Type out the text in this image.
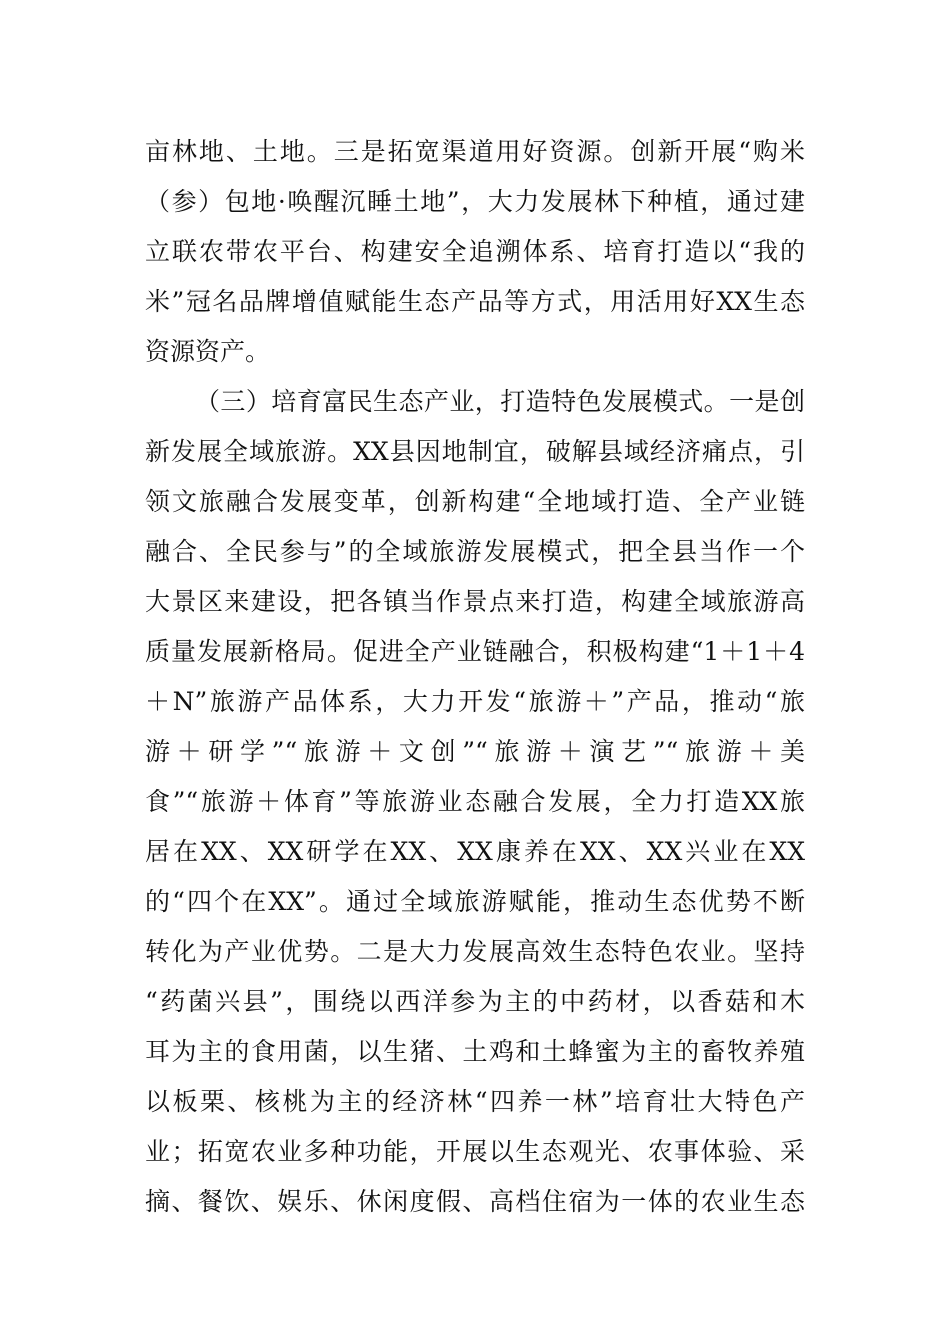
亩林地、土地。三是拓宽渠道用好资源。创新开展“购米
（参）包地·唤醒沉睡土地”，大力发展林下种植，通过建
立联农带农平台、构建安全追溯体系、培育打造以“我的
米”冠名品牌增值赋能生态产品等方式，用活用好XX生态
资源资产。
（三）培育富民生态产业，打造特色发展模式。一是创
新发展全域旅游。XX县因地制宜，破解县域经济痛点，引
领文旅融合发展变革，创新构建“全地域打造、全产业链
融合、全民参与”的全域旅游发展模式，把全县当作一个
大景区来建设，把各镇当作景点来打造，构建全域旅游高
质量发展新格局。促进全产业链融合，积极构建“1＋1＋4
＋N”旅游产品体系，大力开发“旅游＋”产品，推动“旅
游＋研学”“旅游＋文创”“旅游＋演艺”“旅游＋美
食”“旅游＋体育”等旅游业态融合发展，全力打造XX旅
居在XX、XX研学在XX、XX康养在XX、XX兴业在XX
的“四个在XX”。通过全域旅游赋能，推动生态优势不断
转化为产业优势。二是大力发展高效生态特色农业。坚持
“药菌兴县”，围绕以西洋参为主的中药材，以香菇和木
耳为主的食用菌，以生猪、土鸡和土蜂蜜为主的畜牧养殖
以板栗、核桃为主的经济林“四养一林”培育壮大特色产
业；拓宽农业多种功能，开展以生态观光、农事体验、采
摘、餐饮、娱乐、休闲度假、高档住宿为一体的农业生态
